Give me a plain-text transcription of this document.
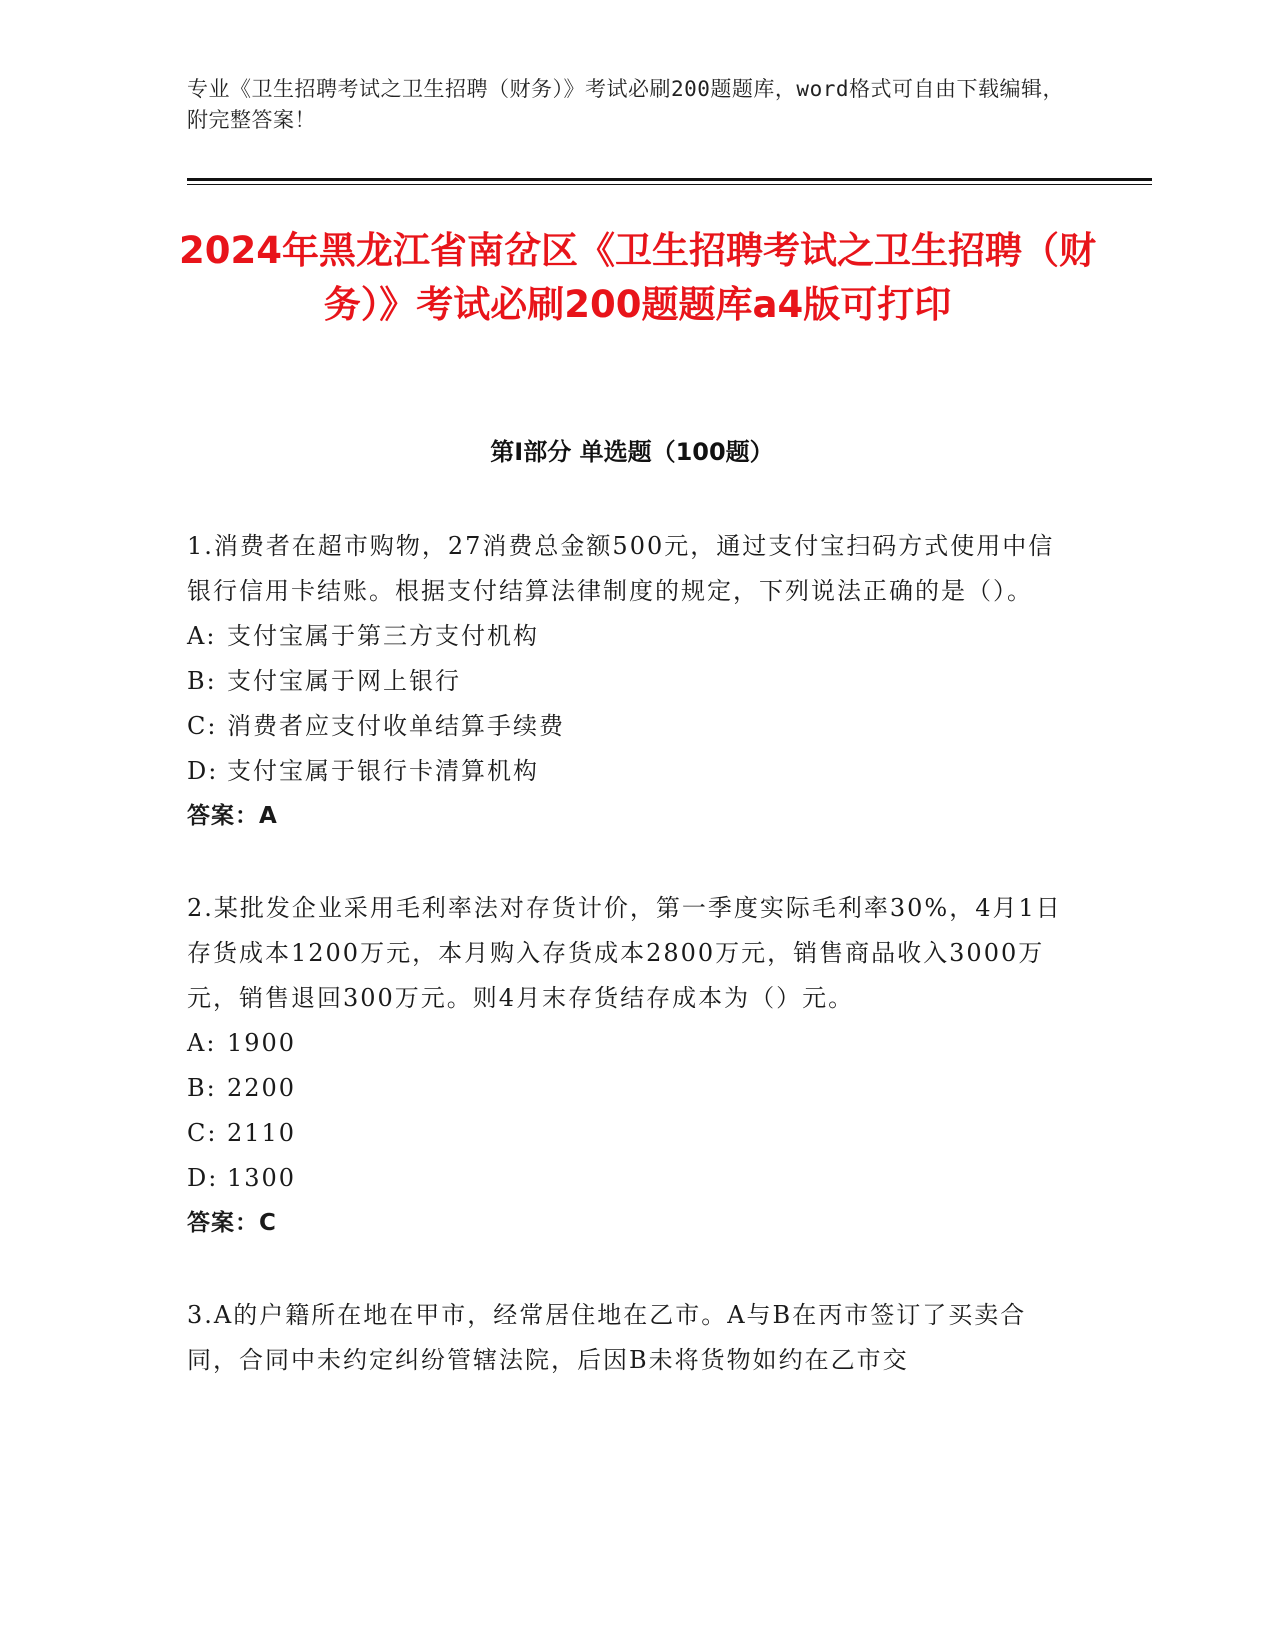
专业《卫生招聘考试之卫生招聘（财务）》考试必刷200题题库，word格式可自由下载编辑，附完整答案！
2024年黑龙江省南岔区《卫生招聘考试之卫生招聘（财务）》考试必刷200题题库a4版可打印
第I部分 单选题（100题）

1.消费者在超市购物，27消费总金额500元，通过支付宝扫码方式使用中信银行信用卡结账。根据支付结算法律制度的规定，下列说法正确的是（）。

A: 支付宝属于第三方支付机构
B: 支付宝属于网上银行
C: 消费者应支付收单结算手续费
D: 支付宝属于银行卡清算机构
答案：A

2.某批发企业采用毛利率法对存货计价，第一季度实际毛利率30%，4月1日存货成本1200万元，本月购入存货成本2800万元，销售商品收入3000万元，销售退回300万元。则4月末存货结存成本为（）元。

A: 1900
B: 2200
C: 2110
D: 1300
答案：C

3.A的户籍所在地在甲市，经常居住地在乙市。A与B在丙市签订了买卖合同，合同中未约定纠纷管辖法院，后因B未将货物如约在乙市交
